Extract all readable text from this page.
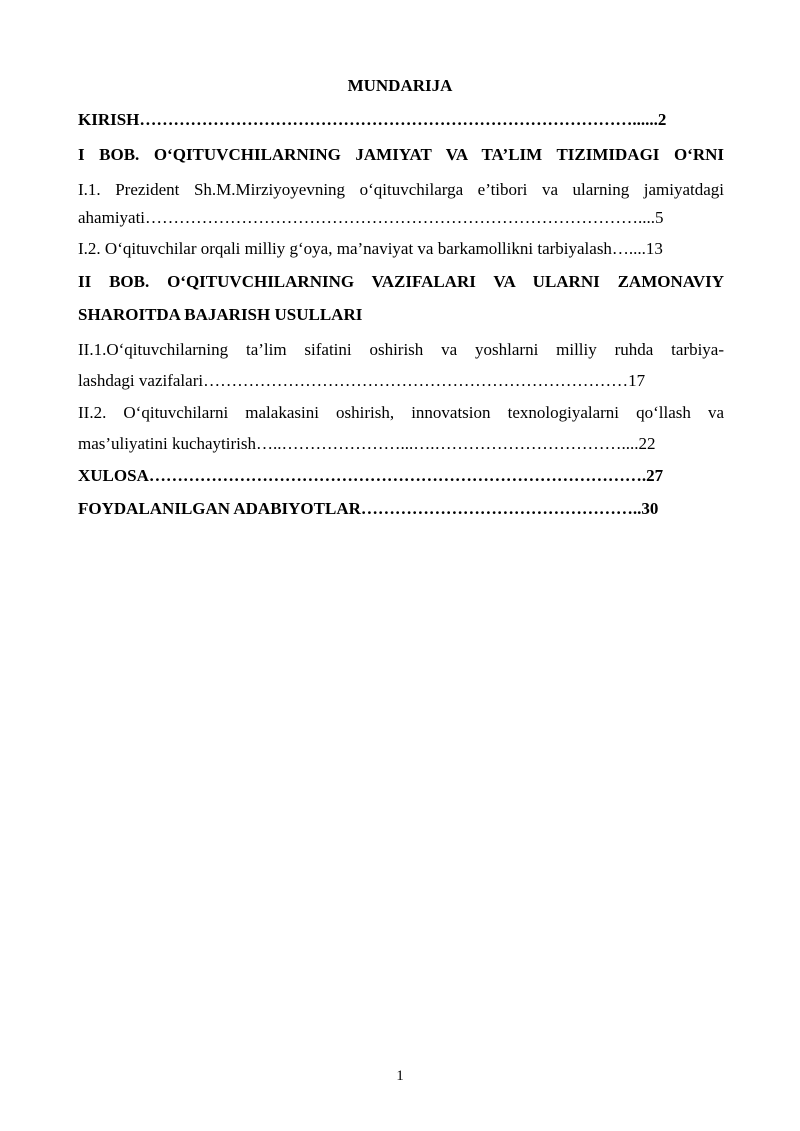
MUNDARIJA
KIRISH……………………………………………………………………………......2
I BOB. O‘QITUVCHILARNING JAMIYAT VA TA’LIM TIZIMIDAGI O‘RNI
I.1. Prezident Sh.M.Mirziyoyevning o‘qituvchilarga e’tibori va ularning jamiyatdagi
ahamiyati……………………………………………………………………………....5
I.2. O‘qituvchilar orqali milliy g‘oya, ma’naviyat va barkamollikni tarbiyalash…....13
II BOB. O‘QITUVCHILARNING VAZIFALARI VA ULARNI ZAMONAVIY
SHAROITDA BAJARISH USULLARI
II.1.O‘qituvchilarning ta’lim sifatini oshirish va yoshlarni milliy ruhda tarbiya-
lashdagi vazifalari…………………………………………………………………17
II.2. O‘qituvchilarni malakasini oshirish, innovatsion texnologiyalarni qo‘llash va
mas’uliyatini kuchaytirish…..…………………...….……………………………....22
XULOSA…………………………………………………………………………….27
FOYDALANILGAN ADABIYOTLAR…………………………………………..30
1
